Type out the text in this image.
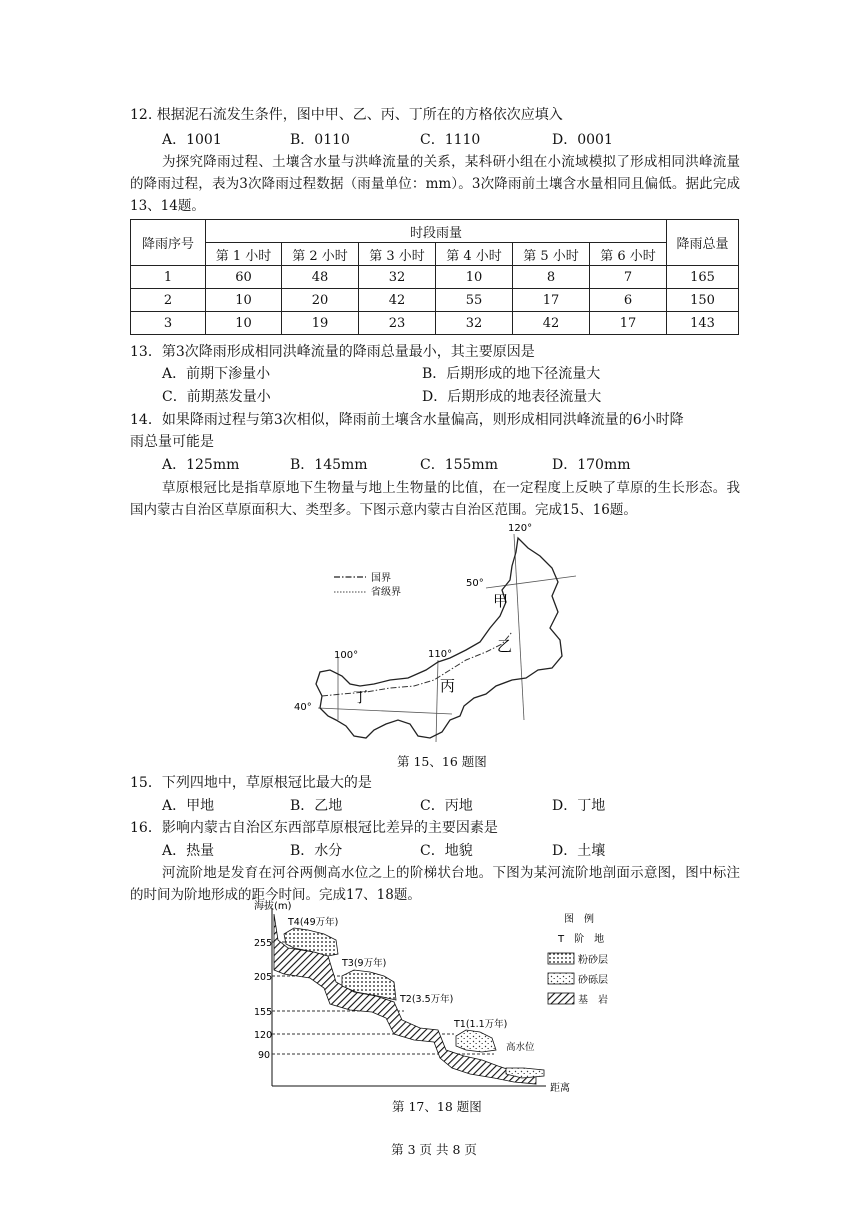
12. 根据泥石流发生条件，图中甲、乙、丙、丁所在的方格依次应填入
A．1001	B．0110	C．1110	D．0001
为探究降雨过程、土壤含水量与洪峰流量的关系，某科研小组在小流域模拟了形成相同洪峰流量的降雨过程，表为3次降雨过程数据（雨量单位：mm）。3次降雨前土壤含水量相同且偏低。据此完成13、14题。
降雨序号	时段雨量						降雨总量
	第 1 小时	第 2 小时	第 3 小时	第 4 小时	第 5 小时	第 6 小时	
1	60	48	32	10	8	7	165
2	10	20	42	55	17	6	150
3	10	19	23	32	42	17	143
13．第3次降雨形成相同洪峰流量的降雨总量最小，其主要原因是
A．前期下渗量小	B．后期形成的地下径流量大
C．前期蒸发量小	D．后期形成的地表径流量大
14．如果降雨过程与第3次相似，降雨前土壤含水量偏高，则形成相同洪峰流量的6小时降
雨总量可能是
A．125mm	B．145mm	C．155mm	D．170mm
草原根冠比是指草原地下生物量与地上生物量的比值，在一定程度上反映了草原的生长形态。我国内蒙古自治区草原面积大、类型多。下图示意内蒙古自治区范围。完成15、16题。
国界
省级界
120°
110°
100°
50°
40°
甲
乙
丙
丁
第 15、16 题图
15．下列四地中，草原根冠比最大的是
A．甲地	B．乙地	C．丙地	D．丁地
16．影响内蒙古自治区东西部草原根冠比差异的主要因素是
A．热量	B．水分	C．地貌	D．土壤
河流阶地是发育在河谷两侧高水位之上的阶梯状台地。下图为某河流阶地剖面示意图，图中标注的时间为阶地形成的距今时间。完成17、18题。
海拔(m)
距离
255
205
155
120
90
T4(49万年)
T3(9万年)
T2(3.5万年)
T1(1.1万年)
高水位
图　例
T　阶　地
粉砂层
砂砾层
基　岩
第 17、18 题图
第 3 页 共 8 页
